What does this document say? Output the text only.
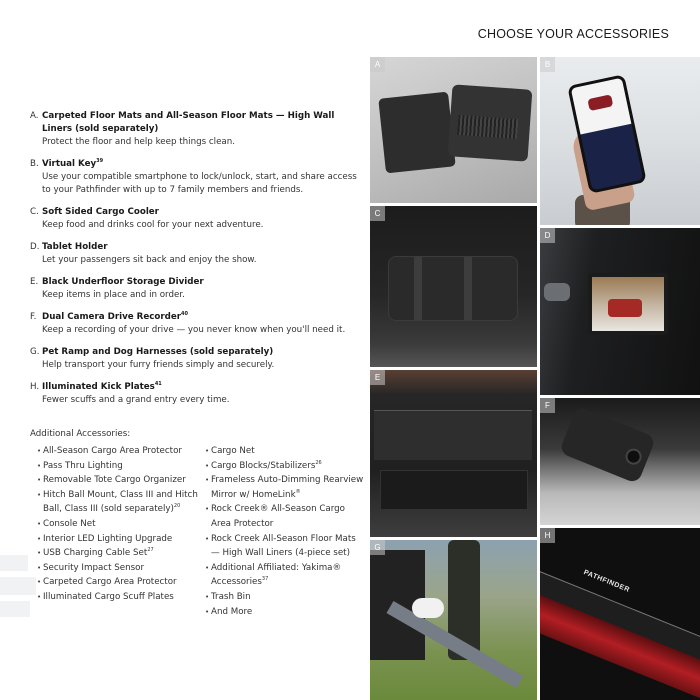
CHOOSE YOUR ACCESSORIES
A. Carpeted Floor Mats and All-Season Floor Mats — High Wall Liners (sold separately)
Protect the floor and help keep things clean.
B. Virtual Key$^{39}$
Use your compatible smartphone to lock/unlock, start, and share access to your Pathfinder with up to 7 family members and friends.
C. Soft Sided Cargo Cooler
Keep food and drinks cool for your next adventure.
D. Tablet Holder
Let your passengers sit back and enjoy the show.
E. Black Underfloor Storage Divider
Keep items in place and in order.
F. Dual Camera Drive Recorder$^{40}$
Keep a recording of your drive — you never know when you'll need it.
G. Pet Ramp and Dog Harnesses (sold separately)
Help transport your furry friends simply and securely.
H. Illuminated Kick Plates$^{41}$
Fewer scuffs and a grand entry every time.
Additional Accessories:
• All-Season Cargo Area Protector
• Pass Thru Lighting
• Removable Tote Cargo Organizer
• Hitch Ball Mount, Class III and Hitch Ball, Class III (sold separately)$^{20}$
• Console Net
• Interior LED Lighting Upgrade
• USB Charging Cable Set$^{27}$
• Security Impact Sensor
• Carpeted Cargo Area Protector
• Illuminated Cargo Scuff Plates
• Cargo Net
• Cargo Blocks/Stabilizers$^{26}$
• Frameless Auto-Dimming Rearview Mirror w/ HomeLink®
• Rock Creek® All-Season Cargo Area Protector
• Rock Creek All-Season Floor Mats — High Wall Liners (4-piece set)
• Additional Affiliated: Yakima® Accessories$^{37}$
• Trash Bin
• And More
A	B
C
D
E
F
G
PATHFINDER
H
